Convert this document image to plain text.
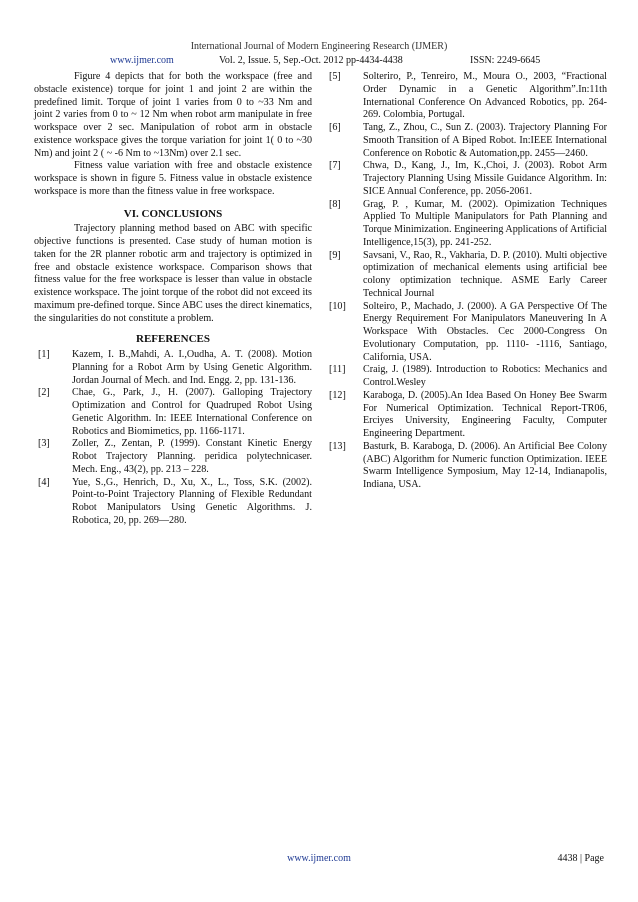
International Journal of Modern Engineering Research (IJMER)
www.ijmer.com	Vol. 2, Issue. 5, Sep.-Oct. 2012 pp-4434-4438	ISSN: 2249-6645

Figure 4 depicts that for both the workspace (free and obstacle existence) torque for joint 1 and joint 2 are within the predefined limit. Torque of joint 1 varies from 0 to ~33 Nm and joint 2 varies from 0 to ~ 12 Nm when robot arm manipulate in free workspace over 2 sec. Manipulation of robot arm in obstacle existence workspace gives the torque variation for joint 1( 0 to ~30 Nm) and joint 2 ( ~ -6 Nm to ~13Nm) over 2.1 sec.

Fitness value variation with free and obstacle existence workspace is shown in figure 5. Fitness value in obstacle existence workspace is more than the fitness value in free workspace.

VI. CONCLUSIONS

Trajectory planning method based on ABC with specific objective functions is presented. Case study of human motion is taken for the 2R planner robotic arm and trajectory is optimized in free and obstacle existence workspace. Comparison shows that fitness value for the free workspace is lesser than value in obstacle existence workspace. The joint torque of the robot did not exceed its maximum pre-defined torque. Since ABC uses the direct kinematics, the singularities do not constitute a problem.

REFERENCES
[1]	Kazem, I. B.,Mahdi, A. I.,Oudha, A. T. (2008). Motion Planning for a Robot Arm by Using Genetic Algorithm. Jordan Journal of Mech. and Ind. Engg. 2, pp. 131-136.
[2]	Chae, G., Park, J., H. (2007). Galloping Trajectory Optimization and Control for Quadruped Robot Using Genetic Algorithm. In: IEEE International Conference on Robotics and Biomimetics, pp. 1166-1171.
[3]	Zoller, Z., Zentan, P. (1999). Constant Kinetic Energy Robot Trajectory Planning. peridica polytechnicaser. Mech. Eng., 43(2), pp. 213 – 228.
[4]	Yue, S.,G., Henrich, D., Xu, X., L., Toss, S.K. (2002). Point-to-Point Trajectory Planning of Flexible Redundant Robot Manipulators Using Genetic Algorithms. J. Robotica, 20, pp. 269—280.
[5]	Solteriro, P., Tenreiro, M., Moura O., 2003, “Fractional Order Dynamic in a Genetic Algorithm”.In:11th International Conference On Advanced Robotics, pp. 264-269. Colombia, Portugal.
[6]	Tang, Z., Zhou, C., Sun Z. (2003). Trajectory Planning For Smooth Transition of A Biped Robot. In:IEEE International Conference on Robotic & Automation,pp. 2455—2460.
[7]	Chwa, D., Kang, J., Im, K.,Choi, J. (2003). Robot Arm Trajectory Planning Using Missile Guidance Algorithm. In: SICE Annual Conference, pp. 2056-2061.
[8]	Grag, P. , Kumar, M. (2002). Opimization Techniques Applied To Multiple Manipulators for Path Planning and Torque Minimization. Engineering Applications of Artificial Intelligence,15(3), pp. 241-252.
[9]	Savsani, V., Rao, R., Vakharia, D. P. (2010). Multi objective optimization of mechanical elements using artificial bee colony optimization technique. ASME Early Career Technical Journal
[10]	Solteiro, P., Machado, J. (2000). A GA Perspective Of The Energy Requirement For Manipulators Maneuvering In A Workspace With Obstacles. Cec 2000-Congress On Evolutionary Computation, pp. 1110- -1116, Santiago, California, USA.
[11]	Craig, J. (1989). Introduction to Robotics: Mechanics and Control.Wesley
[12]	Karaboga, D. (2005).An Idea Based On Honey Bee Swarm For Numerical Optimization. Technical Report-TR06, Erciyes University, Engineering Faculty, Computer Engineering Department.
[13]	Basturk, B. Karaboga, D. (2006). An Artificial Bee Colony (ABC) Algorithm for Numeric function Optimization. IEEE Swarm Intelligence Symposium, May 12-14, Indianapolis, Indiana, USA.
www.ijmer.com	4438 | Page
